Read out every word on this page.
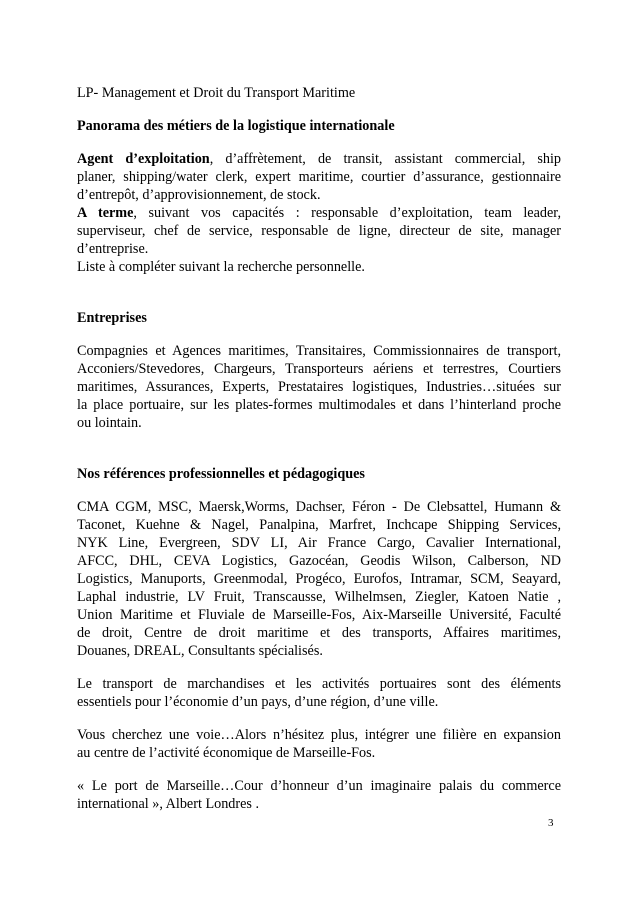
LP- Management et Droit du Transport Maritime
Panorama des métiers de la logistique internationale
Agent d’exploitation, d’affrètement, de transit, assistant commercial, ship
planer, shipping/water clerk, expert maritime, courtier d’assurance, gestionnaire
d’entrepôt, d’approvisionnement, de stock.
A terme, suivant vos capacités : responsable d’exploitation, team leader,
superviseur, chef de service, responsable de ligne, directeur de site, manager
d’entreprise.
Liste à compléter suivant la recherche personnelle.
Entreprises
Compagnies et Agences maritimes, Transitaires, Commissionnaires de transport,
Acconiers/Stevedores, Chargeurs, Transporteurs aériens et terrestres, Courtiers
maritimes, Assurances, Experts, Prestataires logistiques, Industries…situées sur
la place portuaire, sur les plates-formes multimodales et dans l’hinterland proche
ou lointain.
Nos références professionnelles et pédagogiques
CMA CGM, MSC, Maersk,Worms, Dachser, Féron - De Clebsattel, Humann &
Taconet, Kuehne & Nagel, Panalpina, Marfret, Inchcape Shipping Services,
NYK Line, Evergreen, SDV LI, Air France Cargo, Cavalier International,
AFCC, DHL, CEVA Logistics, Gazocéan, Geodis Wilson, Calberson, ND
Logistics, Manuports, Greenmodal, Progéco, Eurofos, Intramar, SCM, Seayard,
Laphal industrie, LV Fruit, Transcausse, Wilhelmsen, Ziegler, Katoen Natie ,
Union Maritime et Fluviale de Marseille-Fos, Aix-Marseille Université, Faculté
de droit, Centre de droit maritime et des transports, Affaires maritimes,
Douanes, DREAL, Consultants spécialisés.
Le transport de marchandises et les activités portuaires sont des éléments
essentiels pour l’économie d’un pays, d’une région, d’une ville.
Vous cherchez une voie…Alors n’hésitez plus, intégrer une filière en expansion
au centre de l’activité économique de Marseille-Fos.
« Le port de Marseille…Cour d’honneur d’un imaginaire palais du commerce
international », Albert Londres .
3
